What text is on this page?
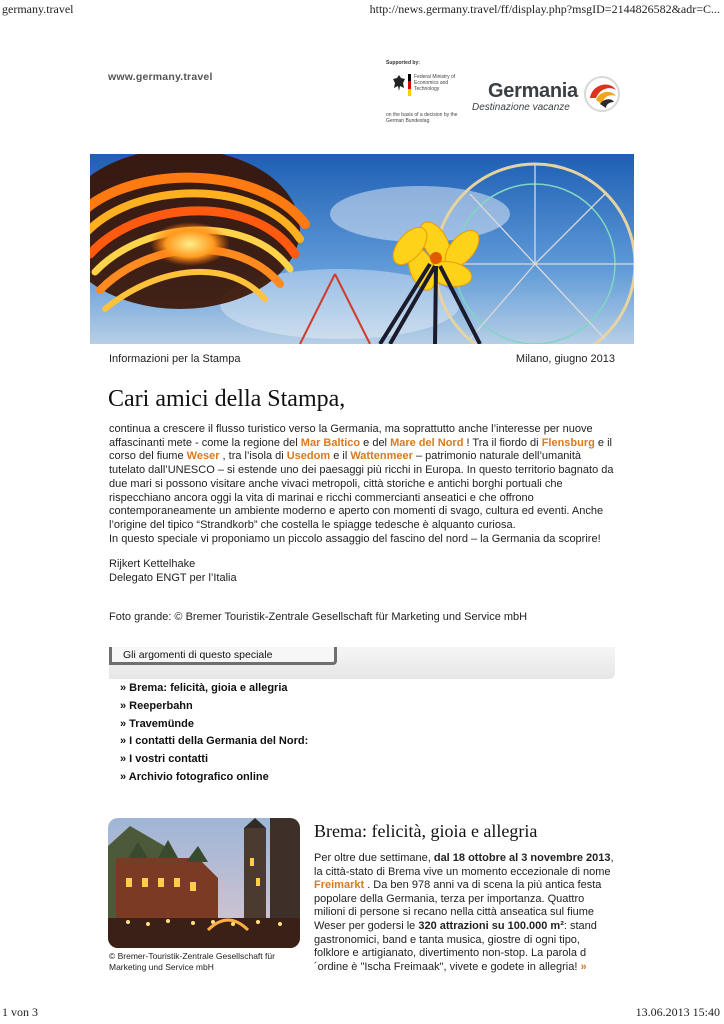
germany.travel	http://news.germany.travel/ff/display.php?msgID=2144826582&adr=C...
www.germany.travel
Supported by:
Federal Ministry of Economics and Technology
on the basis of a decision by the German Bundestag
Germania
Destinazione vacanze
Informazioni per la Stampa	Milano, giugno 2013
Cari amici della Stampa,
continua a crescere il flusso turistico verso la Germania, ma soprattutto anche l’interesse per nuove affascinanti mete - come la regione del Mar Baltico e del Mare del Nord ! Tra il fiordo di Flensburg e il corso del fiume Weser , tra l’isola di Usedom e il Wattenmeer – patrimonio naturale dell’umanità tutelato dall’UNESCO – si estende uno dei paesaggi più ricchi in Europa. In questo territorio bagnato da due mari si possono visitare anche vivaci metropoli, città storiche e antichi borghi portuali che rispecchiano ancora oggi la vita di marinai e ricchi commercianti anseatici e che offrono contemporaneamente un ambiente moderno e aperto con momenti di svago, cultura ed eventi. Anche l’origine del tipico “Strandkorb” che costella le spiagge tedesche è alquanto curiosa.
In questo speciale vi proponiamo un piccolo assaggio del fascino del nord – la Germania da scoprire!
Rijkert Kettelhake
Delegato ENGT per l’Italia
Foto grande: © Bremer Touristik-Zentrale Gesellschaft für Marketing und Service mbH
Gli argomenti di questo speciale
» Brema: felicità, gioia e allegria
» Reeperbahn
» Travemünde
» I contatti della Germania del Nord:
» I vostri contatti
» Archivio fotografico online
© Bremer-Touristik-Zentrale Gesellschaft für Marketing und Service mbH
Brema: felicità, gioia e allegria
Per oltre due settimane, dal 18 ottobre al 3 novembre 2013, la città-stato di Brema vive un momento eccezionale di nome Freimarkt . Da ben 978 anni va di scena la più antica festa popolare della Germania, terza per importanza. Quattro milioni di persone si recano nella città anseatica sul fiume Weser per godersi le 320 attrazioni su 100.000 m²: stand gastronomici, band e tanta musica, giostre di ogni tipo, folklore e artigianato, divertimento non-stop. La parola d´ordine è "Ischa Freimaak", vivete e godete in allegria! »
1 von 3	13.06.2013 15:40
